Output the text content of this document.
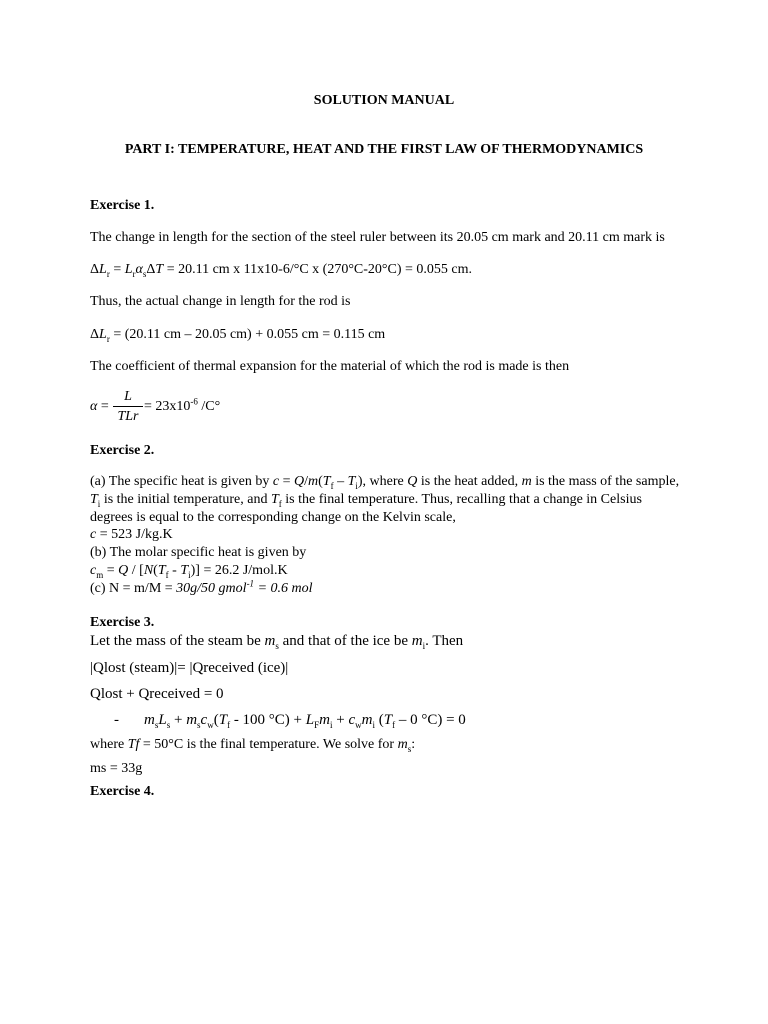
SOLUTION MANUAL
PART I: TEMPERATURE, HEAT AND THE FIRST LAW OF THERMODYNAMICS
Exercise 1.
The change in length for the section of the steel ruler between its 20.05 cm mark and 20.11 cm mark is
$\Delta L_r = L_r\alpha_s\Delta T = 20.11$ cm x 11x10-6/°C x (270°C-20°C) = 0.055 cm.
Thus, the actual change in length for the rod is
$\Delta L_r = (20.11$ cm – 20.05 cm) + 0.055 cm = 0.115 cm
The coefficient of thermal expansion for the material of which the rod is made is then
α =
L
TLr
= $23x10^{-6}$ /C°
Exercise 2.
(a) The specific heat is given by $c = Q/m(T_f - T_i)$, where Q is the heat added, m is the mass of the sample,
$T_i$ is the initial temperature, and $T_f$ is the final temperature. Thus, recalling that a change in Celsius
degrees is equal to the corresponding change on the Kelvin scale,
c = 523 J/kg.K
(b) The molar specific heat is given by
$c_m = Q / [N(T_f - T_i)] = 26.2$ J/mol.K
(c) N = m/M = 30g/50 gmol$^{-1}$ = 0.6 mol
Exercise 3.
Let the mass of the steam be $m_s$ and that of the ice be $m_i$. Then
|Qlost (steam)|= |Qreceived (ice)|
Qlost + Qreceived = 0
- $m_sL_s + m_sc_w(T_f - 100$ $^\circ C) + L_Fm_i + c_wm_i$ ($T_f - 0$ °C) = 0
where Tf = 50°C is the final temperature. We solve for $m_s$:
ms = 33g
Exercise 4.
